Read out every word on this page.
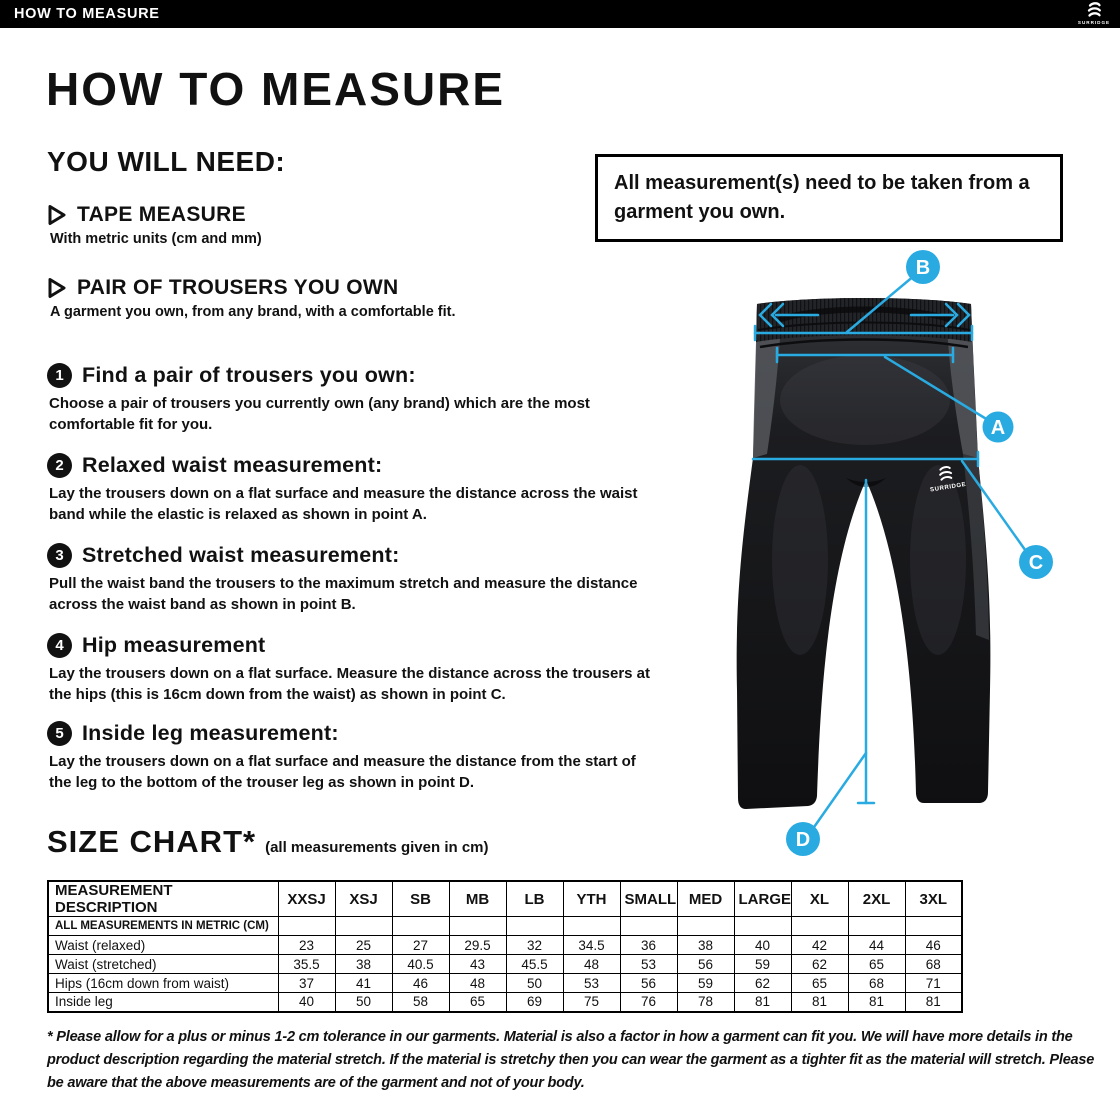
HOW TO MEASURE
SURRIDGE
HOW TO MEASURE
YOU WILL NEED:
TAPE MEASURE
With metric units (cm and mm)
PAIR OF TROUSERS YOU OWN
A garment you own, from any brand, with a comfortable fit.
All measurement(s) need to be taken from a garment you own.
1 Find a pair of trousers you own:
Choose a pair of trousers you currently own (any brand) which are the most comfortable fit for you.
2 Relaxed waist measurement:
Lay the trousers down on a flat surface and measure the distance across the waist band while the elastic is relaxed as shown in point A.
3 Stretched waist measurement:
Pull the waist band the trousers to the maximum stretch and measure the distance across the waist band as shown in point B.
4 Hip measurement
Lay the trousers down on a flat surface. Measure the distance across the trousers at the hips (this is 16cm down from the waist) as shown in point C.
5 Inside leg measurement:
Lay the trousers down on a flat surface and measure the distance from the start of the leg to the bottom of the trouser leg as shown in point D.
SURRIDGE
B
A
C
D
SIZE CHART* (all measurements given in cm)
MEASUREMENT DESCRIPTION	XXSJ	XSJ	SB	MB	LB	YTH	SMALL	MED	LARGE	XL	2XL	3XL
ALL MEASUREMENTS IN METRIC (CM)												
Waist (relaxed)	23	25	27	29.5	32	34.5	36	38	40	42	44	46
Waist (stretched)	35.5	38	40.5	43	45.5	48	53	56	59	62	65	68
Hips (16cm down from waist)	37	41	46	48	50	53	56	59	62	65	68	71
Inside leg	40	50	58	65	69	75	76	78	81	81	81	81
* Please allow for a plus or minus 1-2 cm tolerance in our garments. Material is also a factor in how a garment can fit you. We will have more details in the product description regarding the material stretch. If the material is stretchy then you can wear the garment as a tighter fit as the material will stretch. Please be aware that the above measurements are of the garment and not of your body.
